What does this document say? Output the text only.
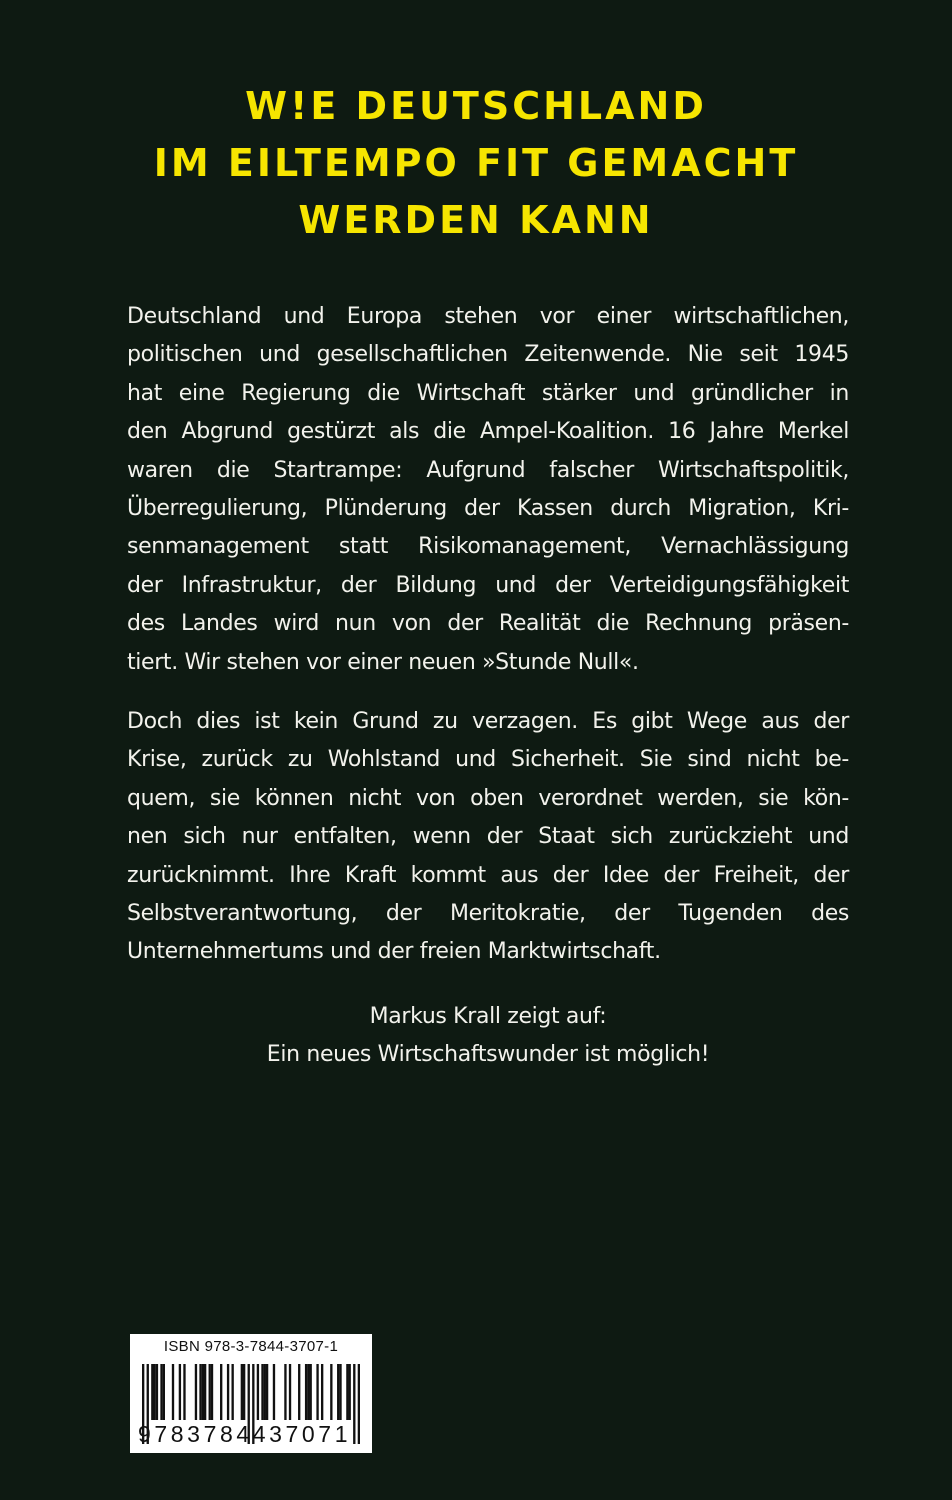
W!E DEUTSCHLAND
IM EILTEMPO FIT GEMACHT
WERDEN KANN
Deutschland und Europa stehen vor einer wirtschaftlichen,
politischen und gesellschaftlichen Zeitenwende. Nie seit 1945
hat eine Regierung die Wirtschaft stärker und gründlicher in
den Abgrund gestürzt als die Ampel-Koalition. 16 Jahre Merkel
waren die Startrampe: Aufgrund falscher Wirtschaftspolitik,
Überregulierung, Plünderung der Kassen durch Migration, Kri-
senmanagement statt Risikomanagement, Vernachlässigung
der Infrastruktur, der Bildung und der Verteidigungsfähigkeit
des Landes wird nun von der Realität die Rechnung präsen-
tiert. Wir stehen vor einer neuen »Stunde Null«.
Doch dies ist kein Grund zu verzagen. Es gibt Wege aus der
Krise, zurück zu Wohlstand und Sicherheit. Sie sind nicht be-
quem, sie können nicht von oben verordnet werden, sie kön-
nen sich nur entfalten, wenn der Staat sich zurückzieht und
zurücknimmt. Ihre Kraft kommt aus der Idee der Freiheit, der
Selbstverantwortung, der Meritokratie, der Tugenden des
Unternehmertums und der freien Marktwirtschaft.
Markus Krall zeigt auf:
Ein neues Wirtschaftswunder ist möglich!
ISBN 978-3-7844-3707-1
9783784437071
